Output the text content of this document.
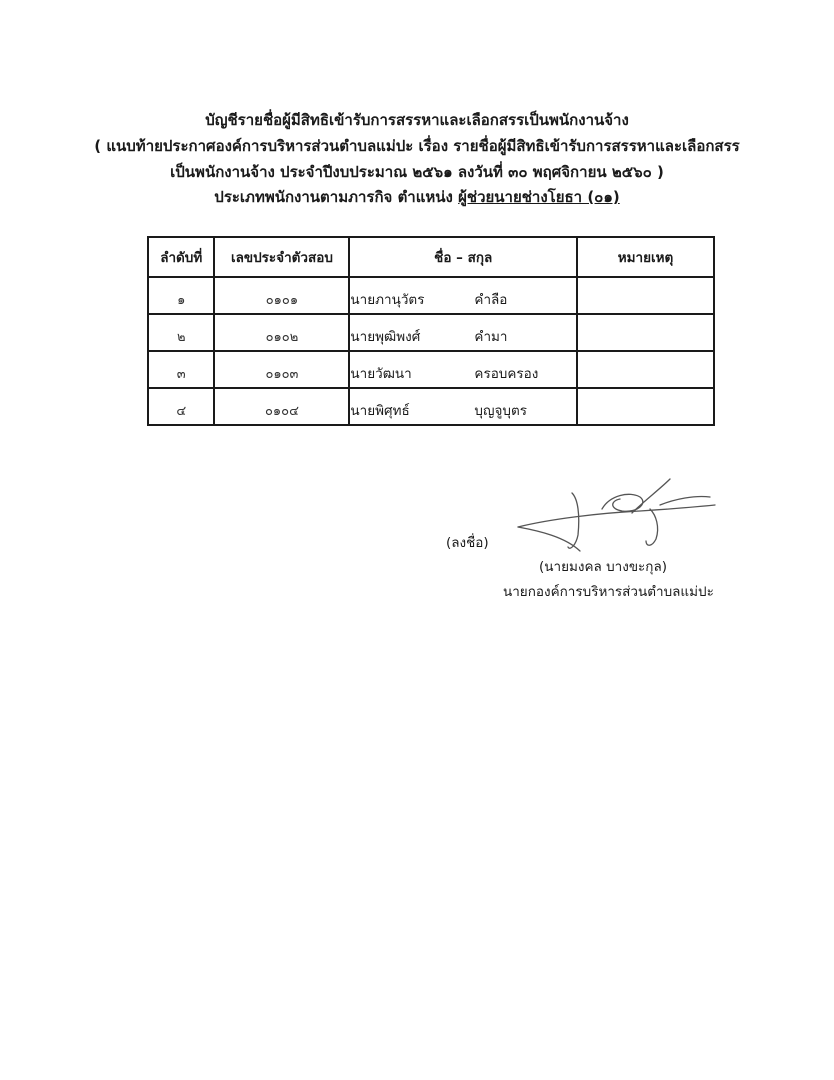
บัญชีรายชื่อผู้มีสิทธิเข้ารับการสรรหาและเลือกสรรเป็นพนักงานจ้าง
( แนบท้ายประกาศองค์การบริหารส่วนตำบลแม่ปะ เรื่อง รายชื่อผู้มีสิทธิเข้ารับการสรรหาและเลือกสรร
เป็นพนักงานจ้าง ประจำปีงบประมาณ ๒๕๖๑ ลงวันที่ ๓๐ พฤศจิกายน ๒๕๖๐ )
ประเภทพนักงานตามภารกิจ ตำแหน่ง ผู้ช่วยนายช่างโยธา (๐๑)
ลำดับที่	เลขประจำตัวสอบ	ชื่อ – สกุล	หมายเหตุ
๑	๐๑๐๑	นายภานุวัตร คำลือ	
๒	๐๑๐๒	นายพุฒิพงศ์ คำมา	
๓	๐๑๐๓	นายวัฒนา ครอบครอง	
๔	๐๑๐๔	นายพิศุทธ์ บุญจูบุตร	
(ลงชื่อ)
(นายมงคล บางขะกุล)
นายกองค์การบริหารส่วนตำบลแม่ปะ
